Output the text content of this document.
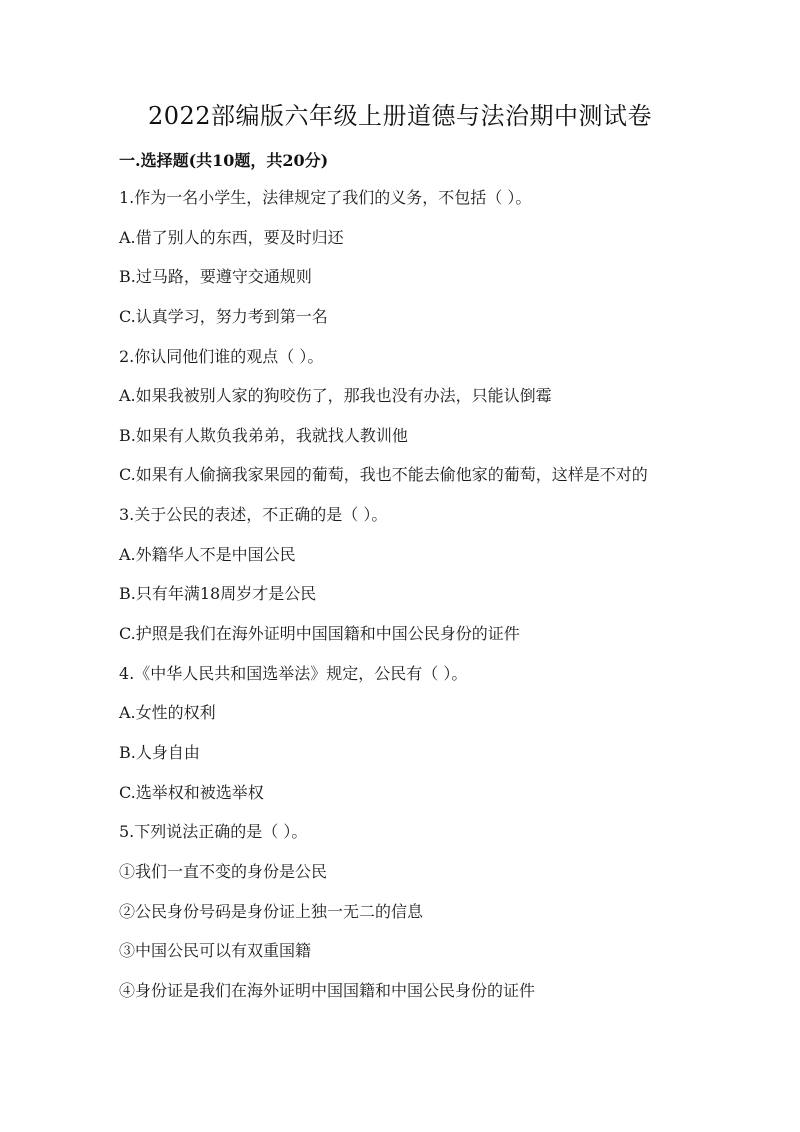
2022部编版六年级上册道德与法治期中测试卷
一.选择题(共10题，共20分)
1.作为一名小学生，法律规定了我们的义务，不包括（ ）。
A.借了别人的东西，要及时归还
B.过马路，要遵守交通规则
C.认真学习，努力考到第一名
2.你认同他们谁的观点（ ）。
A.如果我被别人家的狗咬伤了，那我也没有办法，只能认倒霉
B.如果有人欺负我弟弟，我就找人教训他
C.如果有人偷摘我家果园的葡萄，我也不能去偷他家的葡萄，这样是不对的
3.关于公民的表述，不正确的是（ ）。
A.外籍华人不是中国公民
B.只有年满18周岁才是公民
C.护照是我们在海外证明中国国籍和中国公民身份的证件
4.《中华人民共和国选举法》规定，公民有（ ）。
A.女性的权利
B.人身自由
C.选举权和被选举权
5.下列说法正确的是（ ）。
①我们一直不变的身份是公民
②公民身份号码是身份证上独一无二的信息
③中国公民可以有双重国籍
④身份证是我们在海外证明中国国籍和中国公民身份的证件
